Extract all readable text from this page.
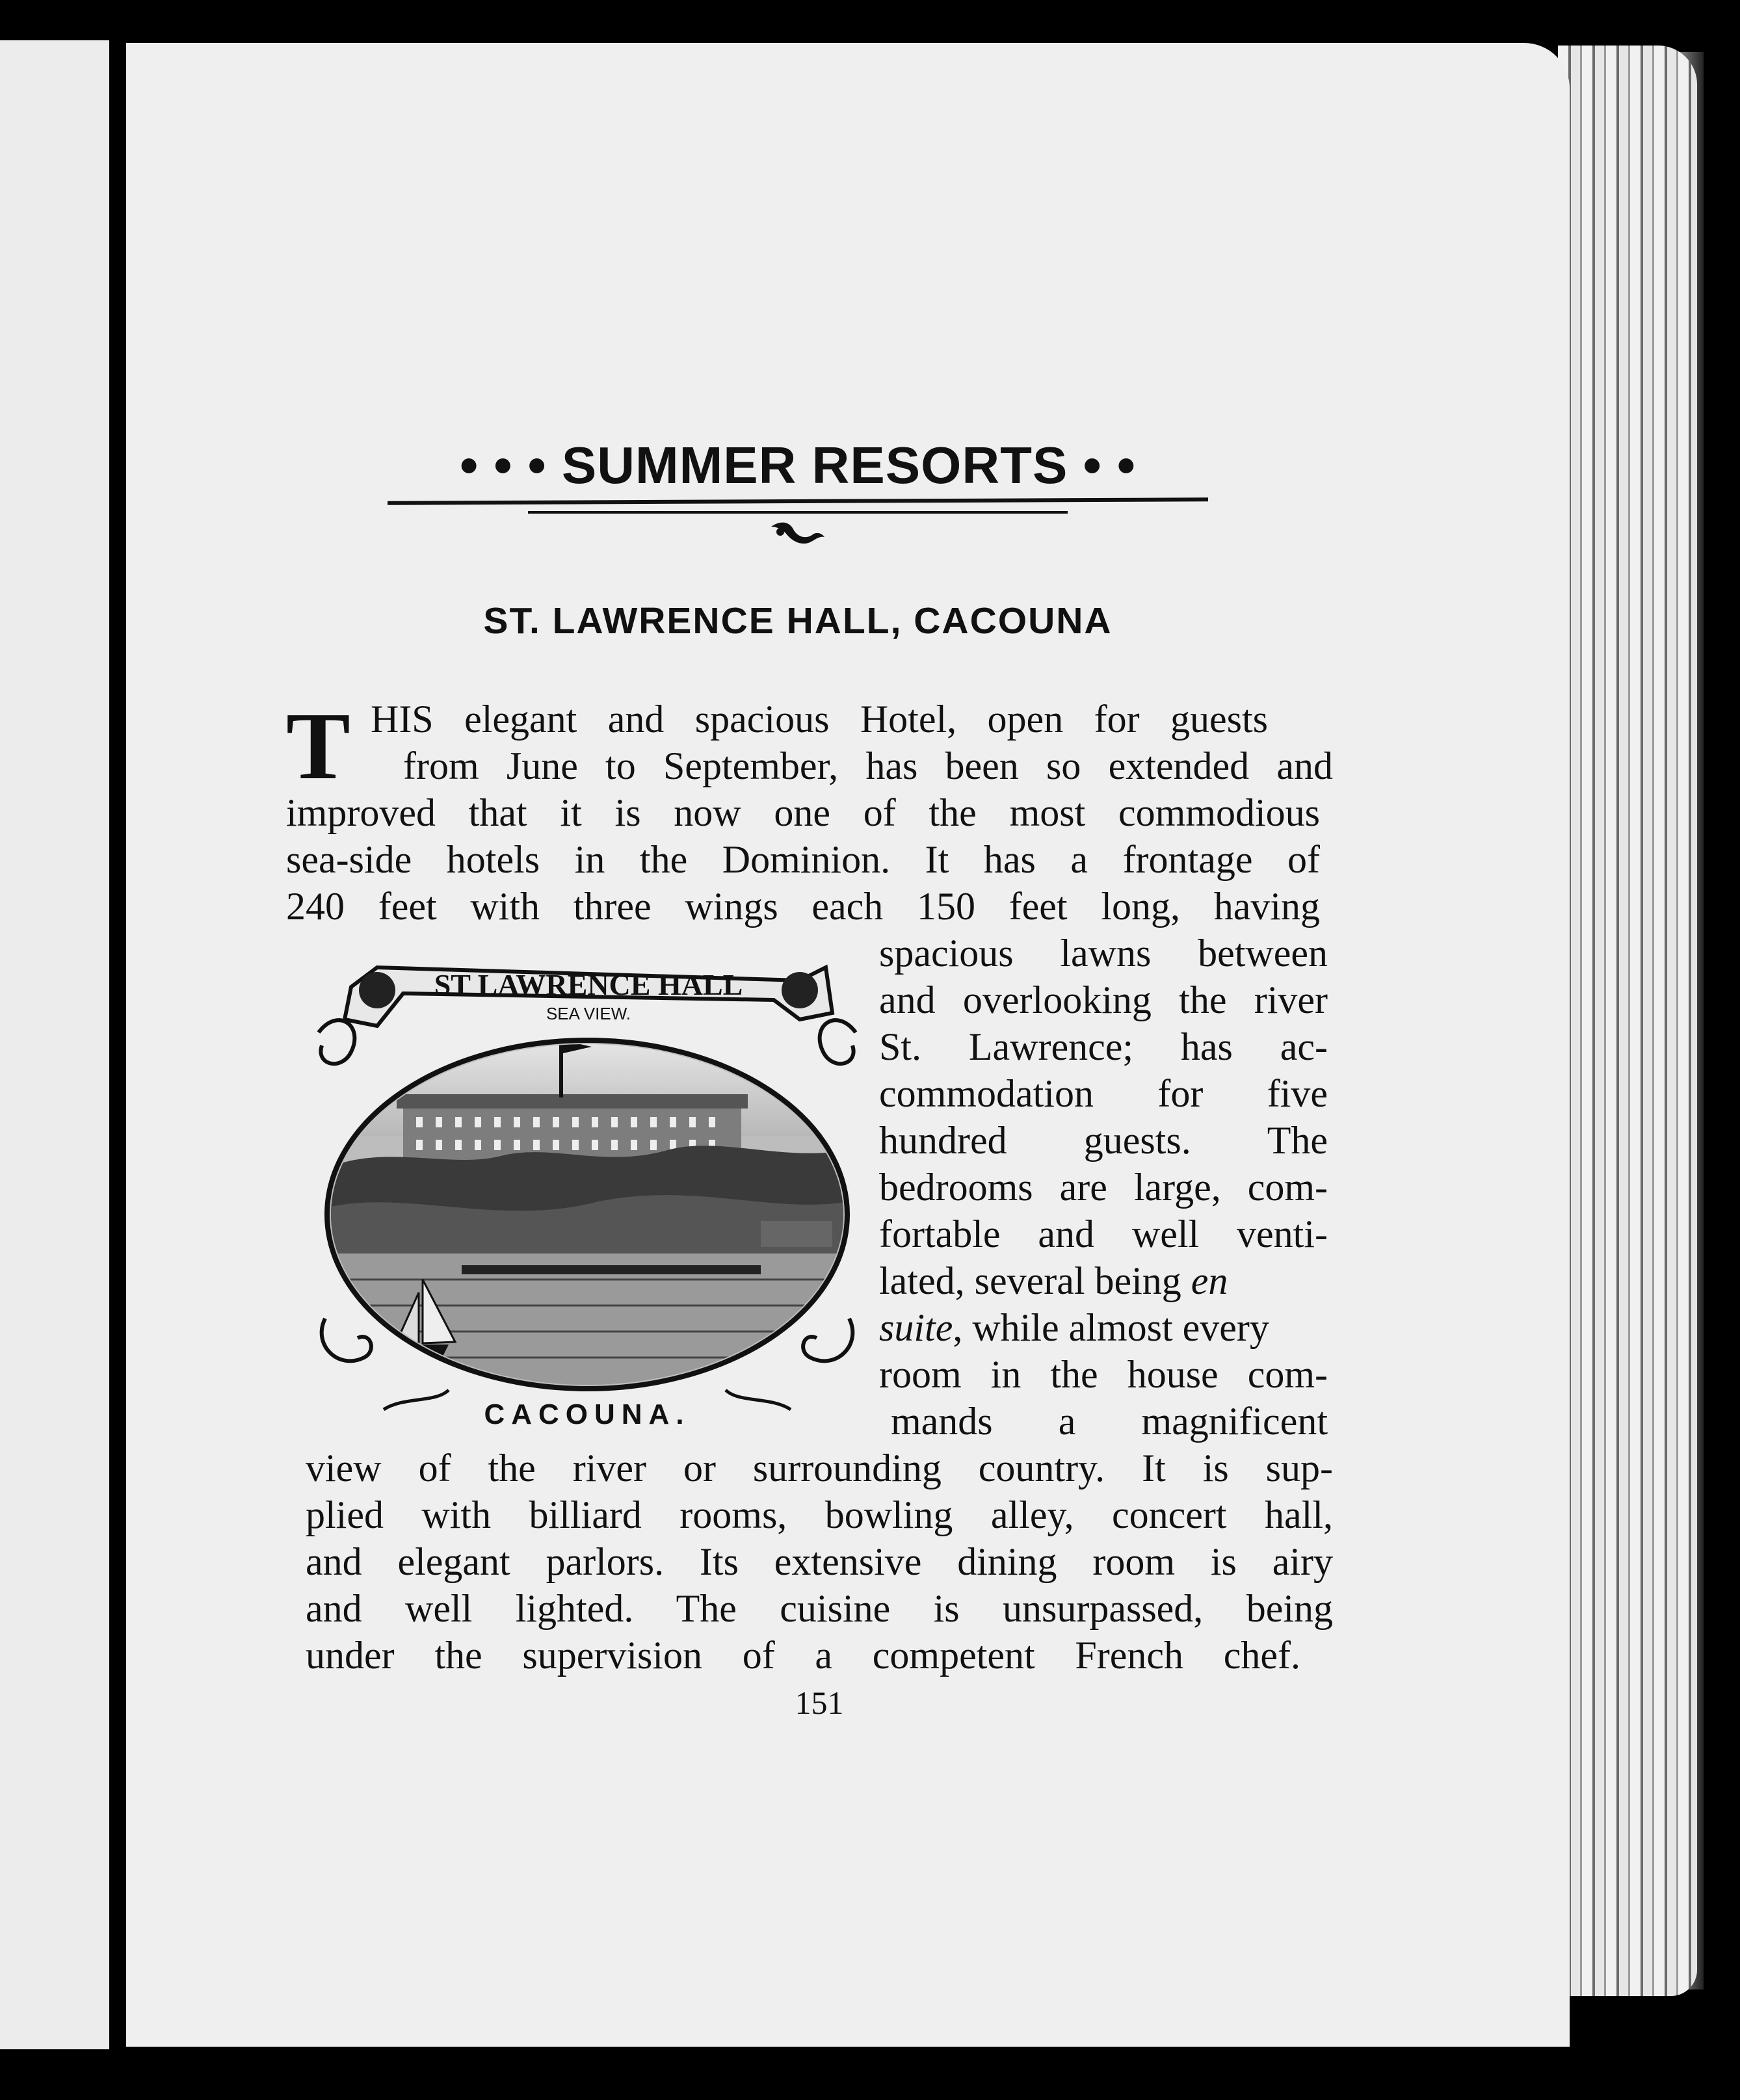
• • • SUMMER RESORTS • •
ST. LAWRENCE HALL, CACOUNA
T HIS elegant and spacious Hotel, open for guests
from June to September, has been so extended and
improved that it is now one of the most commodious
sea-side hotels in the Dominion. It has a frontage of
240 feet with three wings each 150 feet long, having
spacious lawns between
and overlooking the river
St. Lawrence; has ac-
commodation for five
hundred guests. The
bedrooms are large, com-
fortable and well venti-
lated, several being en
suite, while almost every
room in the house com-
mands a magnificent
view of the river or surrounding country. It is sup-
plied with billiard rooms, bowling alley, concert hall,
and elegant parlors. Its extensive dining room is airy
and well lighted. The cuisine is unsurpassed, being
under the supervision of a competent French chef.
ST LAWRENCE HALL
SEA VIEW.
CACOUNA.
151
